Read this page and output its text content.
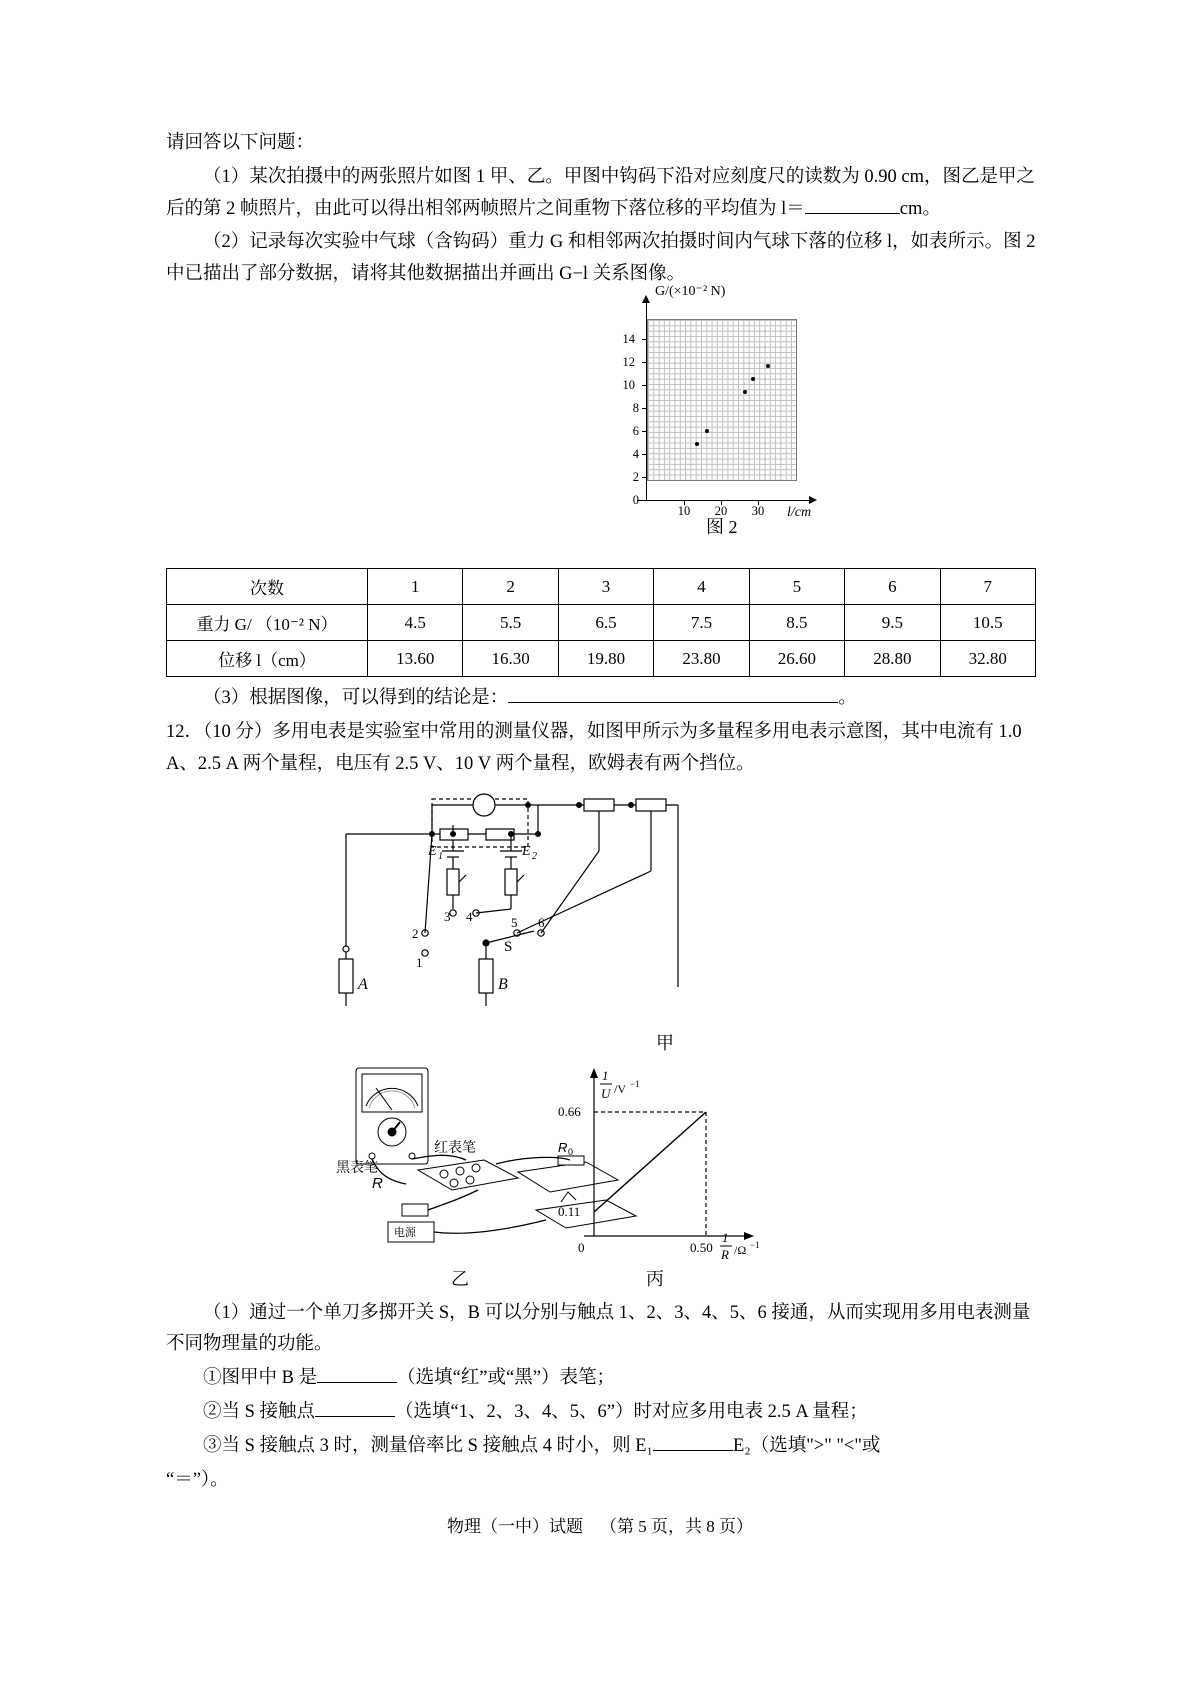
请回答以下问题：

（1）某次拍摄中的两张照片如图 1 甲、乙。甲图中钩码下沿对应刻度尺的读数为 0.90 cm，图乙是甲之后的第 2 帧照片，由此可以得出相邻两帧照片之间重物下落位移的平均值为 l＝	cm。

（2）记录每次实验中气球（含钩码）重力 G 和相邻两次拍摄时间内气球下落的位移 l，如表所示。图 2 中已描出了部分数据，请将其他数据描出并画出 G−l 关系图像。

G/(×10⁻² N)
l/cm
0
2
4
6
8
10
12
14
10	20	30
图 2
次数	1	2	3	4	5	6	7
重力 G/ （10⁻² N）	4.5	5.5	6.5	7.5	8.5	9.5	10.5
位移 l（cm）	13.60	16.30	19.80	23.80	26.60	28.80	32.80

（3）根据图像，可以得到的结论是：	。

12．（10 分）多用电表是实验室中常用的测量仪器，如图甲所示为多量程多用电表示意图，其中电流有 1.0 A、2.5 A 两个量程，电压有 2.5 V、10 V 两个量程，欧姆表有两个挡位。

E 1	E 2
A	B
S
2
1
3 4	5 6
甲
红表笔
黑表笔
R
R 0
电源
0.66
0.11
0.50
0
1
U /V −1
1
R /Ω −1
乙	丙

（1）通过一个单刀多掷开关 S，B 可以分别与触点 1、2、3、4、5、6 接通，从而实现用多用电表测量不同物理量的功能。

①图甲中 B 是	（选填“红”或“黑”）表笔；

②当 S 接触点	（选填“1、2、3、4、5、6”）时对应多用电表 2.5 A 量程；

③当 S 接触点 3 时，测量倍率比 S 接触点 4 时小，则 E₁	E₂（选填">" "<"或

“＝”）。

物理（一中）试题 （第 5 页，共 8 页）
